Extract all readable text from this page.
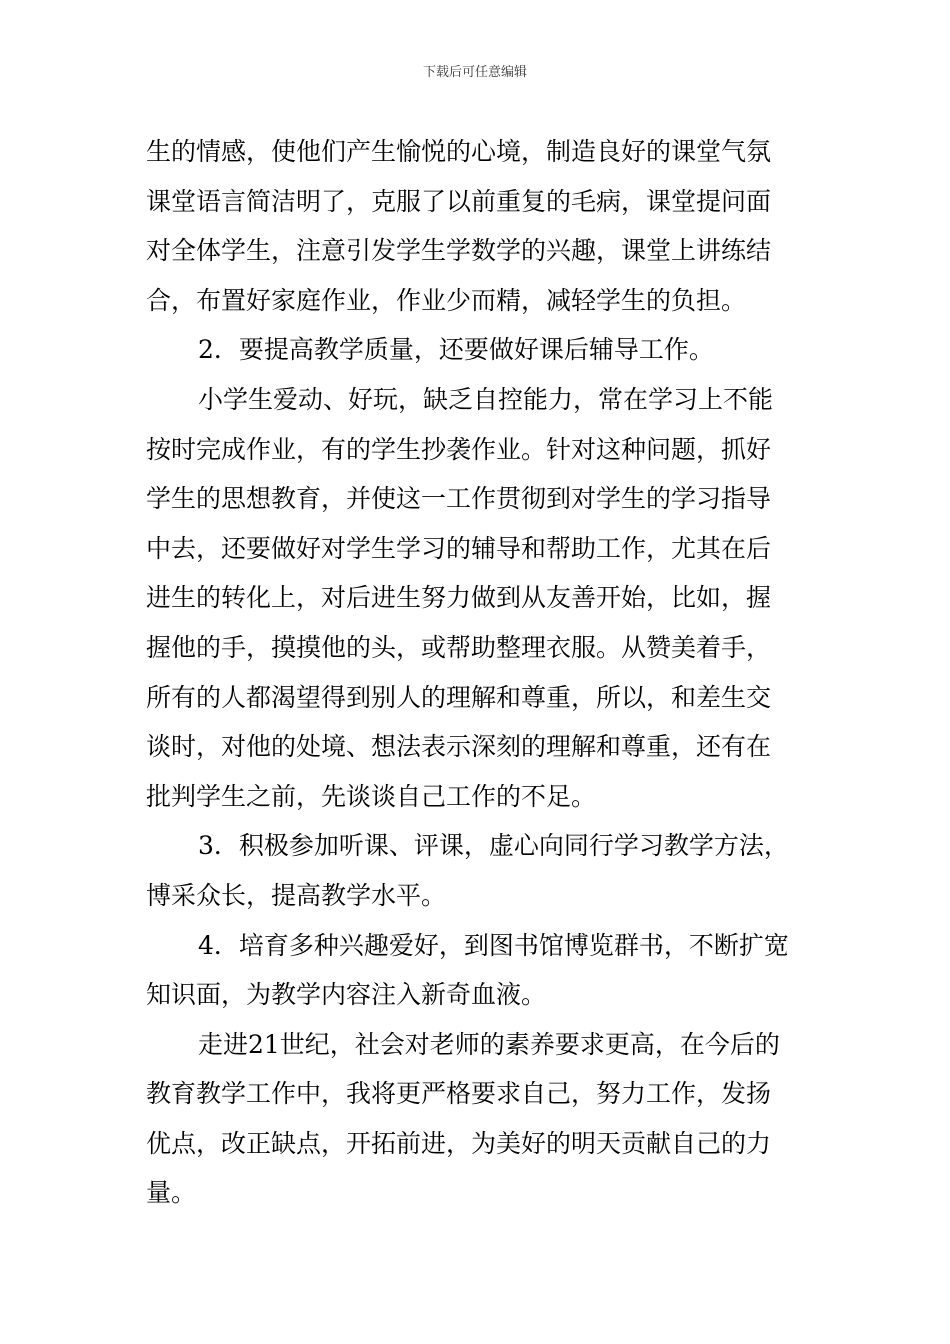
下载后可任意编辑
生的情感，使他们产生愉悦的心境，制造良好的课堂气氛
课堂语言简洁明了，克服了以前重复的毛病，课堂提问面
对全体学生，注意引发学生学数学的兴趣，课堂上讲练结
合，布置好家庭作业，作业少而精，减轻学生的负担。
2．要提高教学质量，还要做好课后辅导工作。
小学生爱动、好玩，缺乏自控能力，常在学习上不能
按时完成作业，有的学生抄袭作业。针对这种问题，抓好
学生的思想教育，并使这一工作贯彻到对学生的学习指导
中去，还要做好对学生学习的辅导和帮助工作，尤其在后
进生的转化上，对后进生努力做到从友善开始，比如，握
握他的手，摸摸他的头，或帮助整理衣服。从赞美着手，
所有的人都渴望得到别人的理解和尊重，所以，和差生交
谈时，对他的处境、想法表示深刻的理解和尊重，还有在
批判学生之前，先谈谈自己工作的不足。
3．积极参加听课、评课，虚心向同行学习教学方法，
博采众长，提高教学水平。
4．培育多种兴趣爱好，到图书馆博览群书，不断扩宽
知识面，为教学内容注入新奇血液。
走进21世纪，社会对老师的素养要求更高，在今后的
教育教学工作中，我将更严格要求自己，努力工作，发扬
优点，改正缺点，开拓前进，为美好的明天贡献自己的力
量。
